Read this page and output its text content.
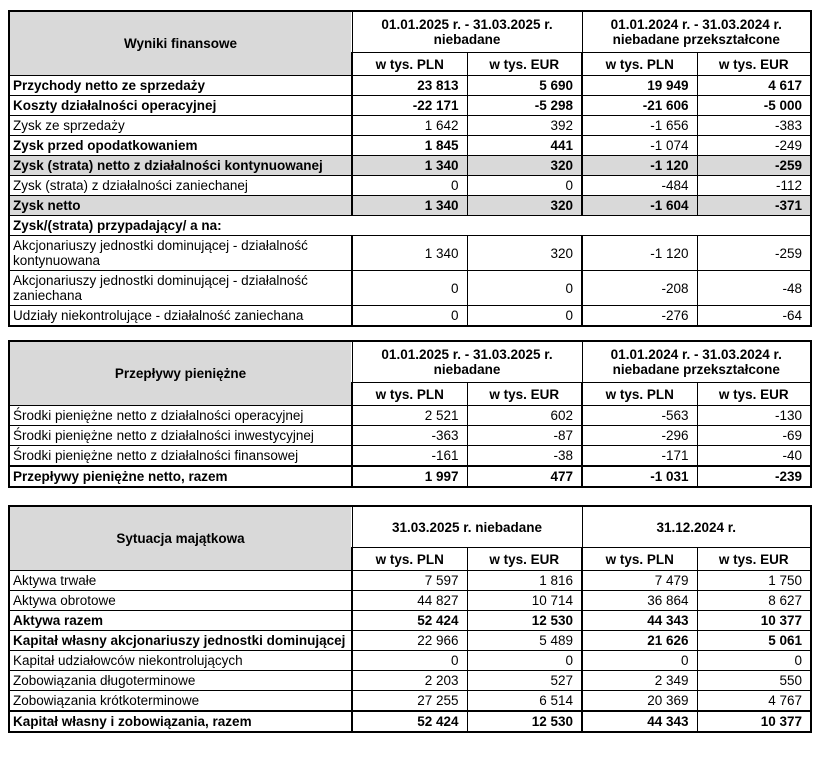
Wyniki finansowe	
01.01.2025 r. - 31.03.2025 r.
niebadane

01.01.2024 r. - 31.03.2024 r.
niebadane przekształcone

	w tys. PLN	w tys. EUR	w tys. PLN	w tys. EUR
Przychody netto ze sprzedaży	23 813	5 690	19 949	4 617
Koszty działalności operacyjnej	-22 171	-5 298	-21 606	-5 000
Zysk ze sprzedaży	1 642	392	-1 656	-383
Zysk przed opodatkowaniem	1 845	441	-1 074	-249
Zysk (strata) netto z działalności kontynuowanej	1 340	320	-1 120	-259
Zysk (strata) z działalności zaniechanej	0	0	-484	-112
Zysk netto	1 340	320	-1 604	-371
Zysk/(strata) przypadający/ a na:				
Akcjonariuszy jednostki dominującej - działalność kontynuowana	1 340	320	-1 120	-259
Akcjonariuszy jednostki dominującej - działalność zaniechana	0	0	-208	-48
Udziały niekontrolujące - działalność zaniechana	0	0	-276	-64
Przepływy pieniężne	
01.01.2025 r. - 31.03.2025 r.
niebadane

01.01.2024 r. - 31.03.2024 r.
niebadane przekształcone

	w tys. PLN	w tys. EUR	w tys. PLN	w tys. EUR
Środki pieniężne netto z działalności operacyjnej	2 521	602	-563	-130
Środki pieniężne netto z działalności inwestycyjnej	-363	-87	-296	-69
Środki pieniężne netto z działalności finansowej	-161	-38	-171	-40
Przepływy pieniężne netto, razem	1 997	477	-1 031	-239
Sytuacja majątkowa	31.03.2025 r. niebadane		31.12.2024 r.	

	w tys. PLN	w tys. EUR	w tys. PLN	w tys. EUR
Aktywa trwałe	7 597	1 816	7 479	1 750
Aktywa obrotowe	44 827	10 714	36 864	8 627
Aktywa razem	52 424	12 530	44 343	10 377
Kapitał własny akcjonariuszy jednostki dominującej	22 966	5 489	21 626	5 061
Kapitał udziałowców niekontrolujących	0	0	0	0
Zobowiązania długoterminowe	2 203	527	2 349	550
Zobowiązania krótkoterminowe	27 255	6 514	20 369	4 767
Kapitał własny i zobowiązania, razem	52 424	12 530	44 343	10 377
